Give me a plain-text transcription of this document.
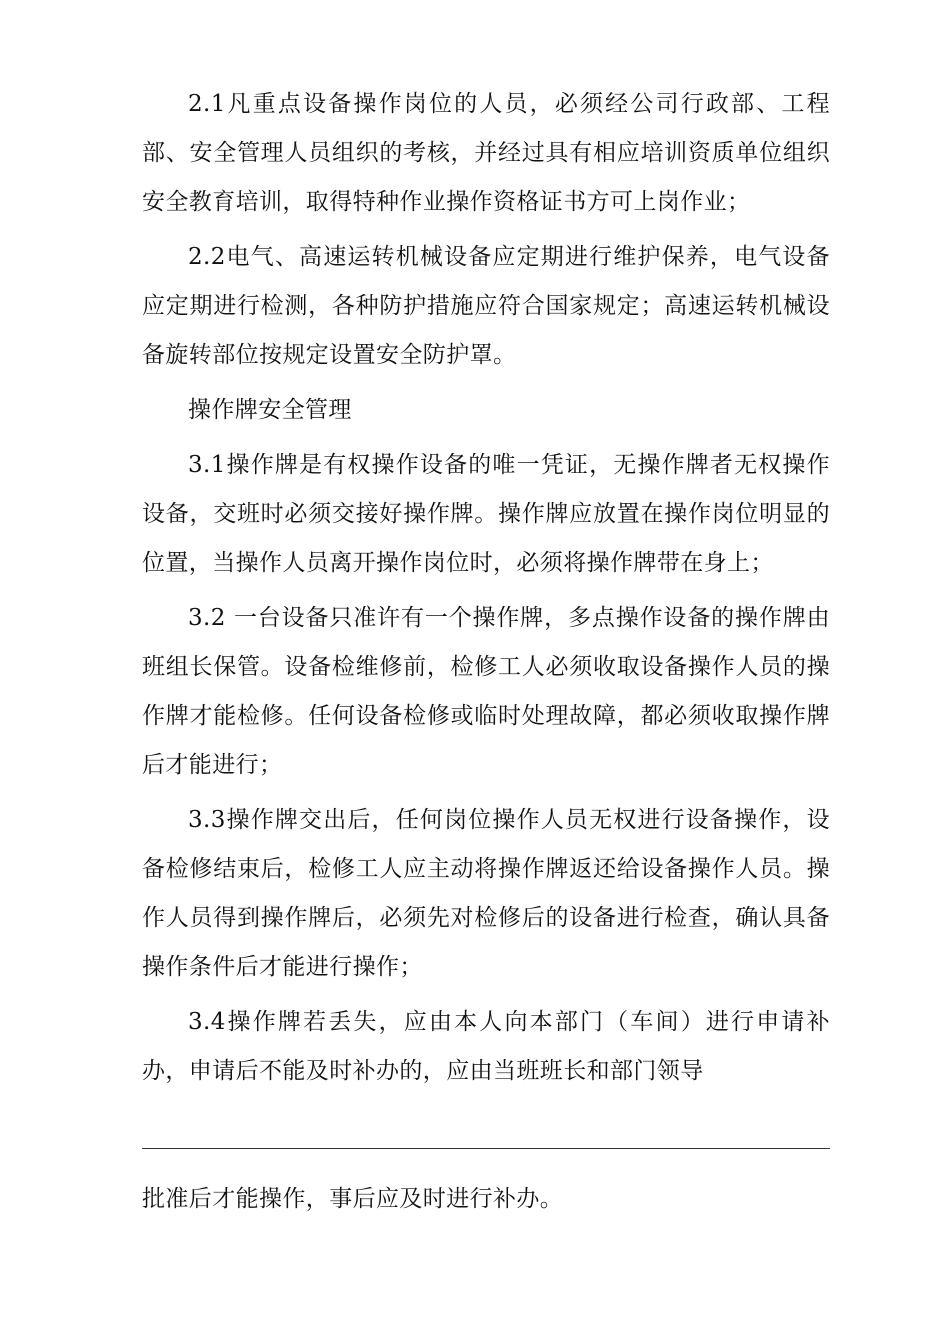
2.1凡重点设备操作岗位的人员，必须经公司行政部、工程部、安全管理人员组织的考核，并经过具有相应培训资质单位组织安全教育培训，取得特种作业操作资格证书方可上岗作业；

2.2电气、高速运转机械设备应定期进行维护保养，电气设备应定期进行检测，各种防护措施应符合国家规定；高速运转机械设备旋转部位按规定设置安全防护罩。

操作牌安全管理

3.1操作牌是有权操作设备的唯一凭证，无操作牌者无权操作设备，交班时必须交接好操作牌。操作牌应放置在操作岗位明显的位置，当操作人员离开操作岗位时，必须将操作牌带在身上；

3.2 一台设备只准许有一个操作牌，多点操作设备的操作牌由班组长保管。设备检维修前，检修工人必须收取设备操作人员的操作牌才能检修。任何设备检修或临时处理故障，都必须收取操作牌后才能进行；

3.3操作牌交出后，任何岗位操作人员无权进行设备操作，设备检修结束后，检修工人应主动将操作牌返还给设备操作人员。操作人员得到操作牌后，必须先对检修后的设备进行检查，确认具备操作条件后才能进行操作；

3.4操作牌若丢失，应由本人向本部门（车间）进行申请补办，申请后不能及时补办的，应由当班班长和部门领导

批准后才能操作，事后应及时进行补办。
